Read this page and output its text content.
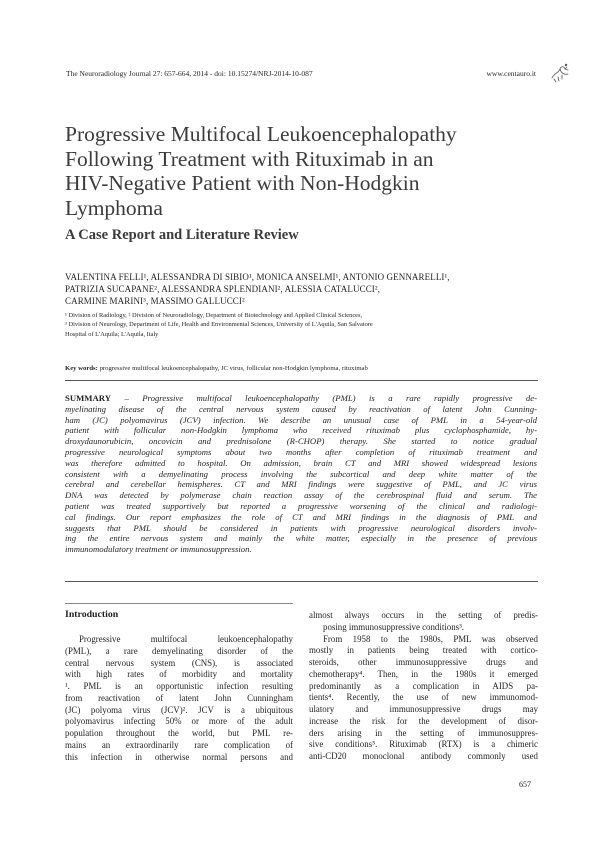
The Neuroradiology Journal 27: 657-664, 2014 - doi: 10.15274/NRJ-2014-10-087	www.centauro.it
Progressive Multifocal Leukoencephalopathy
Following Treatment with Rituximab in an
HIV-Negative Patient with Non-Hodgkin
Lymphoma
A Case Report and Literature Review
VALENTINA FELLI¹, ALESSANDRA DI SIBIO¹, MONICA ANSELMI¹, ANTONIO GENNARELLI¹,
PATRIZIA SUCAPANE², ALESSANDRA SPLENDIANI², ALESSIA CATALUCCI²,
CARMINE MARINI³, MASSIMO GALLUCCI²
¹ Division of Radiology, ² Division of Neuroradiology, Department of Biotechnology and Applied Clinical Sciences,
³ Division of Neurology, Department of Life, Health and Environmental Sciences, University of L'Aquila, San Salvatore
Hospital of L'Aquila; L'Aquila, Italy
Key words: progressive multifocal leukoencephalopathy, JC virus, follicular non-Hodgkin lymphoma, rituximab
SUMMARY – Progressive multifocal leukoencephalopathy (PML) is a rare rapidly progressive de-
myelinating disease of the central nervous system caused by reactivation of latent John Cunning-
ham (JC) polyomavirus (JCV) infection. We describe an unusual case of PML in a 54-year-old
patient with follicular non-Hodgkin lymphoma who received rituximab plus cyclophosphamide, hy-
droxydaunorubicin, oncovicin and prednisolone (R-CHOP) therapy. She started to notice gradual
progressive neurological symptoms about two months after completion of rituximab treatment and
was therefore admitted to hospital. On admission, brain CT and MRI showed widespread lesions
consistent with a demyelinating process involving the subcortical and deep white matter of the
cerebral and cerebellar hemispheres. CT and MRI findings were suggestive of PML, and JC virus
DNA was detected by polymerase chain reaction assay of the cerebrospinal fluid and serum. The
patient was treated supportively but reported a progressive worsening of the clinical and radiologi-
cal findings. Our report emphasizes the role of CT and MRI findings in the diagnosis of PML and
suggests that PML should be considered in patients with progressive neurological disorders involv-
ing the entire nervous system and mainly the white matter, especially in the presence of previous
immunomodulatory treatment or immunosuppression.
Introduction
Progressive multifocal leukoencephalopathy
(PML), a rare demyelinating disorder of the
central nervous system (CNS), is associated
with high rates of morbidity and mortality
¹. PML is an opportunistic infection resulting
from reactivation of latent John Cunningham
(JC) polyoma virus (JCV)². JCV is a ubiquitous
polyomavirus infecting 50% or more of the adult
population throughout the world, but PML re-
mains an extraordinarily rare complication of
this infection in otherwise normal persons and
almost always occurs in the setting of predis-
posing immunosuppressive conditions³.
From 1958 to the 1980s, PML was observed
mostly in patients being treated with cortico-
steroids, other immunosuppressive drugs and
chemotherapy⁴. Then, in the 1980s it emerged
predominantly as a complication in AIDS pa-
tients⁴. Recently, the use of new immunomod-
ulatory and immunosuppressive drugs may
increase the risk for the development of disor-
ders arising in the setting of immunosuppres-
sive conditions⁵. Rituximab (RTX) is a chimeric
anti-CD20 monoclonal antibody commonly used
657
